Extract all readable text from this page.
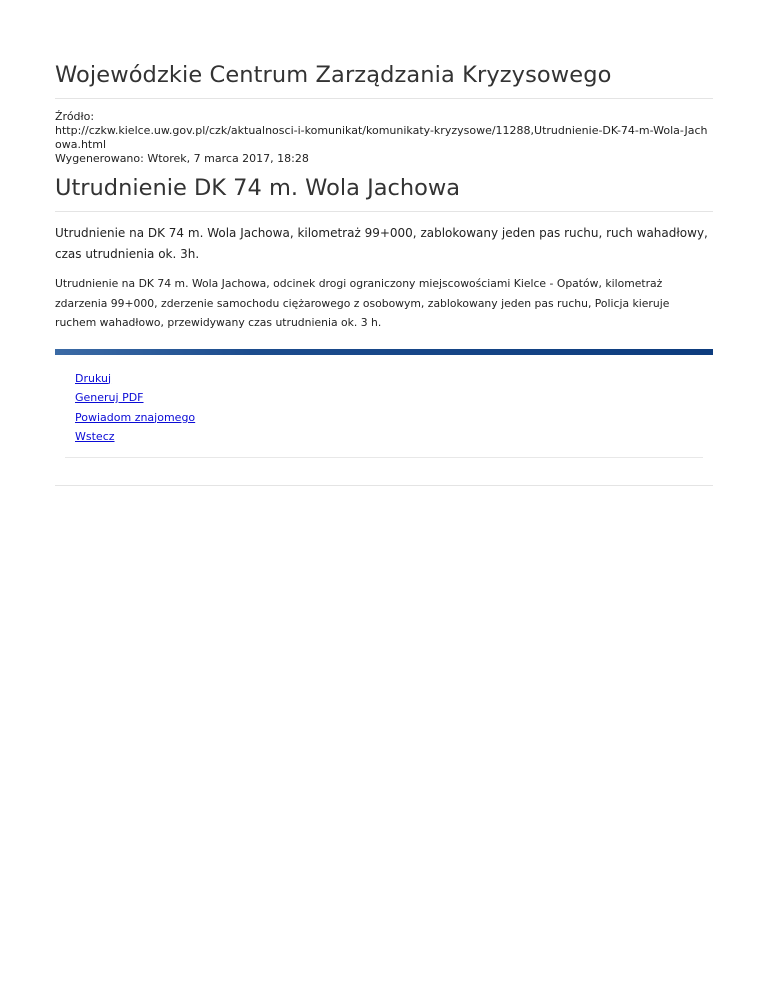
Wojewódzkie Centrum Zarządzania Kryzysowego
Źródło:
http://czkw.kielce.uw.gov.pl/czk/aktualnosci-i-komunikat/komunikaty-kryzysowe/11288,Utrudnienie-DK-74-m-Wola-Jachowa.html
Wygenerowano: Wtorek, 7 marca 2017, 18:28
Utrudnienie DK 74 m. Wola Jachowa

Utrudnienie na DK 74 m. Wola Jachowa, kilometraż 99+000, zablokowany jeden pas ruchu, ruch wahadłowy, czas utrudnienia ok. 3h.

Utrudnienie na DK 74 m. Wola Jachowa, odcinek drogi ograniczony miejscowościami Kielce - Opatów, kilometraż zdarzenia 99+000, zderzenie samochodu ciężarowego z osobowym, zablokowany jeden pas ruchu, Policja kieruje ruchem wahadłowo, przewidywany czas utrudnienia ok. 3 h.

Drukuj
Generuj PDF
Powiadom znajomego
Wstecz
